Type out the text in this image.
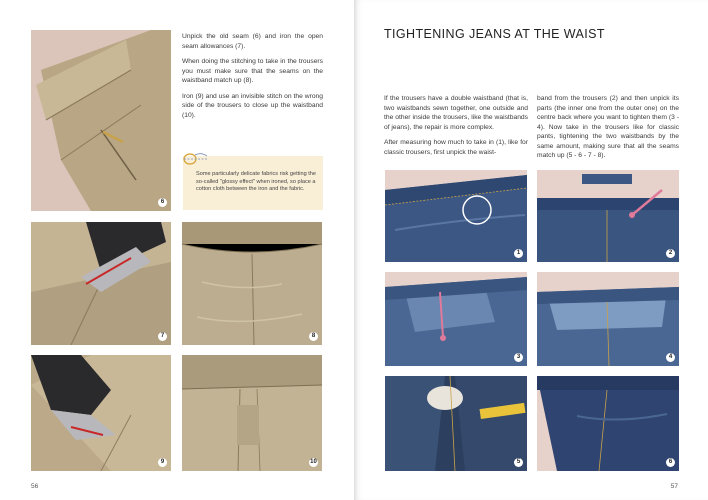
6

Unpick the old seam (6) and iron the open seam allowances (7).

When doing the stitching to take in the trousers you must make sure that the seams on the waistband match up (8).

Iron (9) and use an invisible stitch on the wrong side of the trousers to close up the waistband (10).

Some particularly delicate fabrics risk getting the so-called "glossy effect" when ironed, so place a cotton cloth between the iron and the fabric.
7	8
9	10
56
TIGHTENING JEANS AT THE WAIST

If the trousers have a double waistband (that is, two waistbands sewn together, one outside and the other inside the trousers, like the waistbands of jeans), the repair is more complex.

After measuring how much to take in (1), like for classic trousers, first unpick the waist-

band from the trousers (2) and then unpick its parts (the inner one from the outer one) on the centre back where you want to tighten them (3 - 4). Now take in the trousers like for classic pants, tightening the two waistbands by the same amount, making sure that all the seams match up (5 - 6 - 7 - 8).

1	2
3	4
5	6
57
